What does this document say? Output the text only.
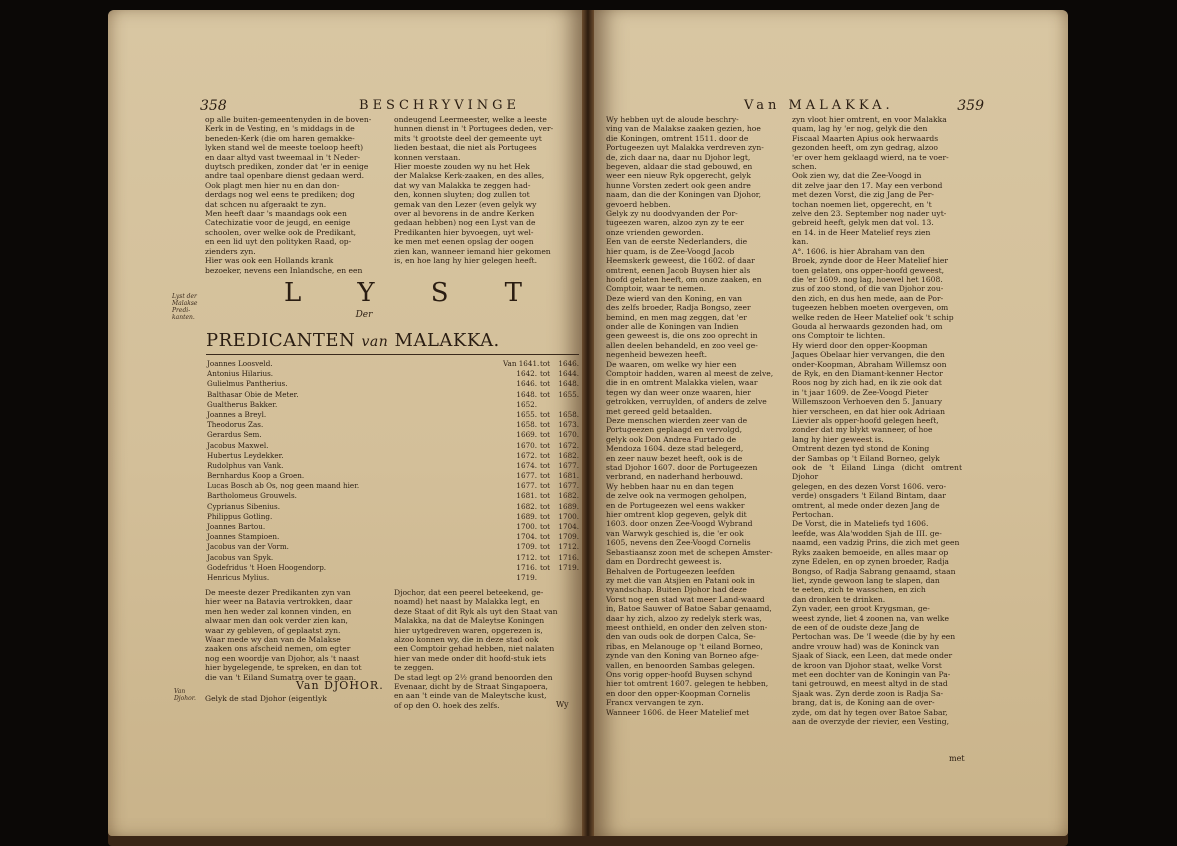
358	BESCHRYVINGE
op alle buiten-gemeentenyden in de boven-
Kerk in de Vesting, en 's middags in de
beneden-Kerk (die om haren gemakke-
lyken stand wel de meeste toeloop heeft)
en daar altyd vast tweemaal in 't Neder-
duytsch prediken, zonder dat 'er in eenige
andre taal openbare dienst gedaan werd.
Ook plagt men hier nu en dan don-
derdags nog wel eens te prediken; dog
dat schcen nu afgeraakt te zyn.
Men heeft daar 's maandags ook een
Catechizatie voor de jeugd, en eenige
schoolen, over welke ook de Predikant,
en een lid uyt den polityken Raad, op-
zienders zyn.
Hier was ook een Hollands krank
bezoeker, nevens een Inlandsche, en een
ondeugend Leermeester, welke a leeste
hunnen dienst in 't Portugees deden, ver-
mits 't grootste deel der gemeente uyt
lieden bestaat, die niet als Portugees
konnen verstaan.
Hier moeste zouden wy nu het Hek
der Malakse Kerk-zaaken, en des alles,
dat wy van Malakka te zeggen had-
den, konnen sluyten; dog zullen tot
gemak van den Lezer (even gelyk wy
over al bevorens in de andre Kerken
gedaan hebben) nog een Lyst van de
Predikanten hier byvoegen, uyt wel-
ke men met eenen opslag der oogen
zien kan, wanneer iemand hier gekomen
is, en hoe lang hy hier gelegen heeft.
Lyst der
Malakse
Predi-
kanten.
L Y S T
Der
PREDICANTEN van MALAKKA.
Joannes Loosveld.	Van 1641. tot	1646.
Antonius Hilarius.	1642. tot	1644.
Gulielmus Pantherius.	1646. tot	1648.
Balthasar Obie de Meter.	1648. tot	1655.
Gualtherus Bakker.	1652.
Joannes a Breyl.	1655. tot	1658.
Theodorus Zas.	1658. tot	1673.
Gerardus Sem.	1669. tot	1670.
Jacobus Maxwel.	1670. tot	1672.
Hubertus Leydekker.	1672. tot	1682.
Rudolphus van Vank.	1674. tot	1677.
Bernhardus Koop a Groen.	1677. tot	1681.
Lucas Bosch ab Os, nog geen maand hier.	1677. tot	1677.
Bartholomeus Grouwels.	1681. tot	1682.
Cyprianus Sibenius.	1682. tot	1689.
Philippus Gotling.	1689. tot	1700.
Joannes Bartou.	1700. tot	1704.
Joannes Stampioen.	1704. tot	1709.
Jacobus van der Vorm.	1709. tot	1712.
Jacobus van Spyk.	1712. tot	1716.
Godefridus 't Hoen Hoogendorp.	1716. tot	1719.
Henricus Mylius.	1719.
De meeste dezer Predikanten zyn van
hier weer na Batavia vertrokken, daar
men hen weder zal konnen vinden, en
alwaar men dan ook verder zien kan,
waar zy gebleven, of geplaatst zyn.
Waar mede wy dan van de Malakse
zaaken ons afscheid nemen, om egter
nog een woordje van Djohor, als 't naast
hier bygelegende, te spreken, en dan tot
die van 't Eiland Sumatra over te gaan.
Van DJOHOR.
Gelyk de stad Djohor (eigentlyk
Djochor, dat een peerel beteekend, ge-
noamd) het naast by Malakka legt, en
deze Staat of dit Ryk als uyt den Staat van
Malakka, na dat de Maleytse Koningen
hier uytgedreven waren, opgerezen is,
alzoo konnen wy, die in deze stad ook
een Comptoir gehad hebben, niet nalaten
hier van mede onder dit hoofd-stuk iets
te zeggen.
De stad legt op 2½ grand benoorden den
Evenaar, dicht by de Straat Singapoera,
en aan 't einde van de Maleytsche kust,
of op den O. hoek des zelfs.
Van
Djohor.
Wy
Van MALAKKA.	359
Wy hebben uyt de aloude beschry-
ving van de Malakse zaaken gezien, hoe
die Koningen, omtrent 1511. door de
Portugeezen uyt Malakka verdreven zyn-
de, zich daar na, daar nu Djohor legt,
begeven, aldaar die stad gebouwd, en
weer een nieuw Ryk opgerecht, gelyk
hunne Vorsten zedert ook geen andre
naam, dan die der Koningen van Djohor,
gevoerd hebben.
Gelyk zy nu doodvyanden der Por-
tugeezen waren, alzoo zyn zy te eer
onze vrienden geworden.
Een van de eerste Nederlanders, die
hier quam, is de Zee-Voogd Jacob
Heemskerk geweest, die 1602. of daar
omtrent, eenen Jacob Buysen hier als
hoofd gelaten heeft, om onze zaaken, en
Comptoir, waar te nemen.
Deze wierd van den Koning, en van
des zelfs broeder, Radja Bongso, zeer
bemind, en men mag zeggen, dat 'er
onder alle de Koningen van Indien
geen geweest is, die ons zoo oprecht in
allen deelen behandeld, en zoo veel ge-
negenheid bewezen heeft.
De waaren, om welke wy hier een
Comptoir hadden, waren al meest de zelve,
die in en omtrent Malakka vielen, waar
tegen wy dan weer onze waaren, hier
getrokken, verruylden, of anders de zelve
met gereed geld betaalden.
Deze menschen wierden zeer van de
Portugeezen geplaagd en vervolgd,
gelyk ook Don Andrea Furtado de
Mendoza 1604. deze stad belegerd,
en zeer nauw bezet heeft, ook is de
stad Djohor 1607. door de Portugeezen
verbrand, en naderhand herbouwd.
Wy hebben haar nu en dan tegen
de zelve ook na vermogen geholpen,
en de Portugeezen wel eens wakker
hier omtrent klop gegeven, gelyk dit
1603. door onzen Zee-Voogd Wybrand
van Warwyk geschied is, die 'er ook
1605, nevens den Zee-Voogd Cornelis
Sebastiaansz zoon met de schepen Amster-
dam en Dordrecht geweest is.
Behalven de Portugeezen leefden
zy met die van Atsjien en Patani ook in
vyandschap. Buiten Djohor had deze
Vorst nog een stad wat meer Land-waard
in, Batoe Sauwer of Batoe Sabar genaamd,
daar hy zich, alzoo zy redelyk sterk was,
meest onthield, en onder den zelven ston-
den van ouds ook de dorpen Calca, Se-
ribas, en Melanouge op 't eiland Borneo,
zynde van den Koning van Borneo afge-
vallen, en benoorden Sambas gelegen.
Ons vorig opper-hoofd Buysen schynd
hier tot omtrent 1607. gelegen te hebben,
en door den opper-Koopman Cornelis
Francx vervangen te zyn.
Wanneer 1606. de Heer Matelief met
zyn vloot hier omtrent, en voor Malakka
quam, lag hy 'er nog, gelyk die den
Fiscaal Maarten Apius ook herwaards
gezonden heeft, om zyn gedrag, alzoo
'er over hem geklaagd wierd, na te voer-
schen.
Ook zien wy, dat die Zee-Voogd in
dit zelve jaar den 17. May een verbond
met dezen Vorst, die zig Jang de Per-
tochan noemen liet, opgerecht, en 't
zelve den 23. September nog nader uyt-
gebreid heeft, gelyk men dat vol. 13.
en 14. in de Heer Matelief reys zien
kan.
A°. 1606. is hier Abraham van den
Broek, zynde door de Heer Matelief hier
toen gelaten, ons opper-hoofd geweest,
die 'er 1609. nog lag, hoewel het 1608.
zus of zoo stond, of die van Djohor zou-
den zich, en dus hen mede, aan de Por-
tugeezen hebben moeten overgeven, om
welke reden de Heer Matelief ook 't schip
Gouda al herwaards gezonden had, om
ons Comptoir te lichten.
Hy wierd door den opper-Koopman
Jaques Obelaar hier vervangen, die den
onder-Koopman, Abraham Willemsz oon
de Ryk, en den Diamant-kenner Hector
Roos nog by zich had, en ik zie ook dat
in 't jaar 1609. de Zee-Voogd Pieter
Willemszoon Verhoeven den 5. January
hier verscheen, en dat hier ook Adriaan
Lievier als opper-hoofd gelegen heeft,
zonder dat my blykt wanneer, of hoe
lang hy hier geweest is.
Omtrent dezen tyd stond de Koning
der Sambas op 't Eiland Borneo, gelyk
ook de 't Eiland Linga (dicht omtrent Djohor
gelegen, en des dezen Vorst 1606. vero-
verde) onsgaders 't Eiland Bintam, daar
omtrent, al mede onder dezen Jang de
Pertochan.
De Vorst, die in Mateliefs tyd 1606.
leefde, was Ala'wodden Sjah de III. ge-
naamd, een vadzig Prins, die zich met geen
Ryks zaaken bemoeide, en alles maar op
zyne Edelen, en op zynen broeder, Radja
Bongso, of Radja Sabrang genaamd, staan
liet, zynde gewoon lang te slapen, dan
te eeten, zich te wasschen, en zich
dan dronken te drinken.
Zyn vader, een groot Krygsman, ge-
weest zynde, liet 4 zoonen na, van welke
de een of de oudste deze Jang de
Pertochan was. De 'I weede (die by hy een
andre vrouw had) was de Koninck van
Sjaak of Siack, een Leen, dat mede onder
de kroon van Djohor staat, welke Vorst
met een dochter van de Koningin van Pa-
tani getrouwd, en meest altyd in de stad
Sjaak was. Zyn derde zoon is Radja Sa-
brang, dat is, de Koning aan de over-
zyde, om dat hy tegen over Batoe Sabar,
aan de overzyde der rievier, een Vesting,
met
